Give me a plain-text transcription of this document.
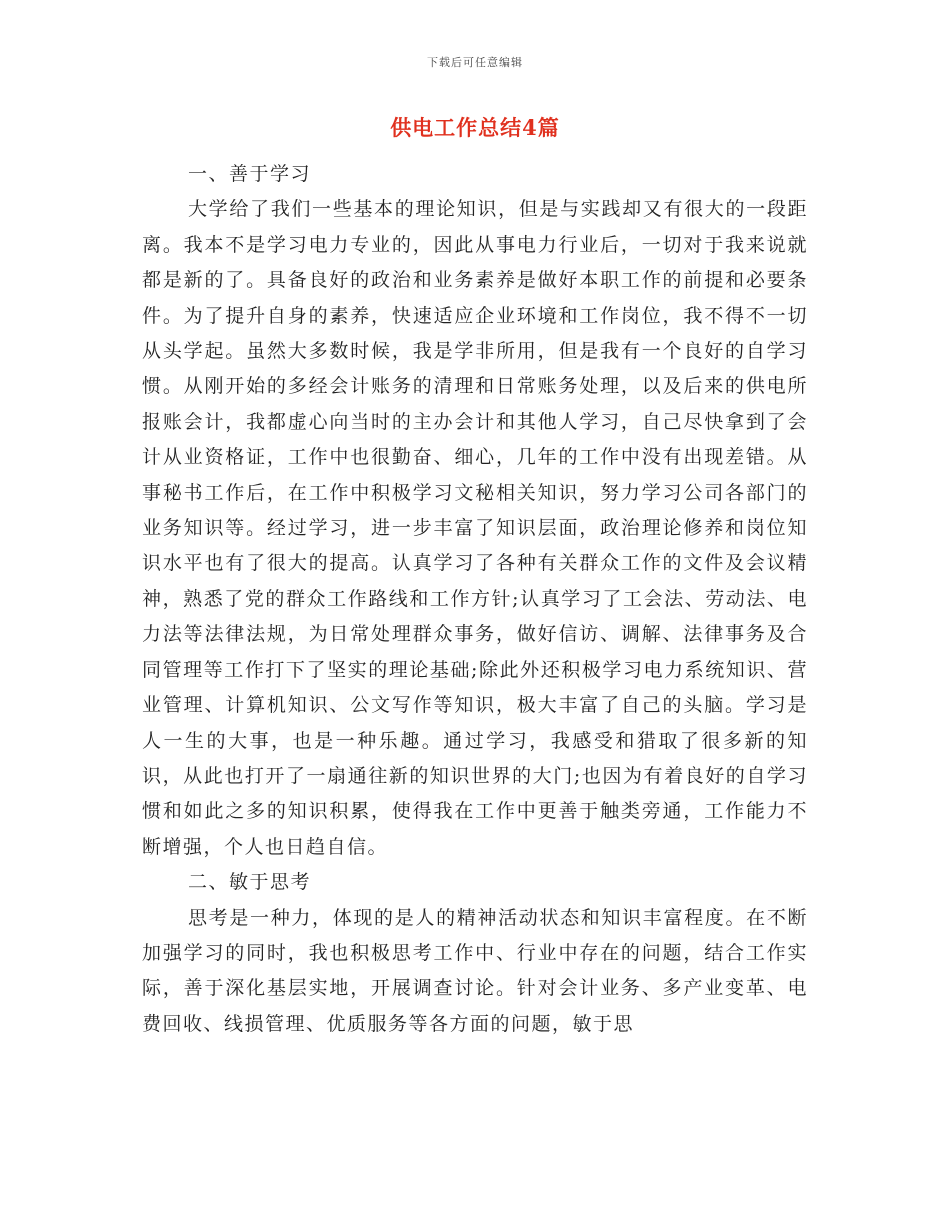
下载后可任意编辑
供电工作总结4篇

一、善于学习

大学给了我们一些基本的理论知识，但是与实践却又有很大的一段距离。我本不是学习电力专业的，因此从事电力行业后，一切对于我来说就都是新的了。具备良好的政治和业务素养是做好本职工作的前提和必要条件。为了提升自身的素养，快速适应企业环境和工作岗位，我不得不一切从头学起。虽然大多数时候，我是学非所用，但是我有一个良好的自学习惯。从刚开始的多经会计账务的清理和日常账务处理，以及后来的供电所报账会计，我都虚心向当时的主办会计和其他人学习，自己尽快拿到了会计从业资格证，工作中也很勤奋、细心，几年的工作中没有出现差错。从事秘书工作后，在工作中积极学习文秘相关知识，努力学习公司各部门的业务知识等。经过学习，进一步丰富了知识层面，政治理论修养和岗位知识水平也有了很大的提高。认真学习了各种有关群众工作的文件及会议精神，熟悉了党的群众工作路线和工作方针;认真学习了工会法、劳动法、电力法等法律法规，为日常处理群众事务，做好信访、调解、法律事务及合同管理等工作打下了坚实的理论基础;除此外还积极学习电力系统知识、营业管理、计算机知识、公文写作等知识，极大丰富了自己的头脑。学习是人一生的大事，也是一种乐趣。通过学习，我感受和猎取了很多新的知识，从此也打开了一扇通往新的知识世界的大门;也因为有着良好的自学习惯和如此之多的知识积累，使得我在工作中更善于触类旁通，工作能力不断增强，个人也日趋自信。

二、敏于思考

思考是一种力，体现的是人的精神活动状态和知识丰富程度。在不断加强学习的同时，我也积极思考工作中、行业中存在的问题，结合工作实际，善于深化基层实地，开展调查讨论。针对会计业务、多产业变革、电费回收、线损管理、优质服务等各方面的问题，敏于思
